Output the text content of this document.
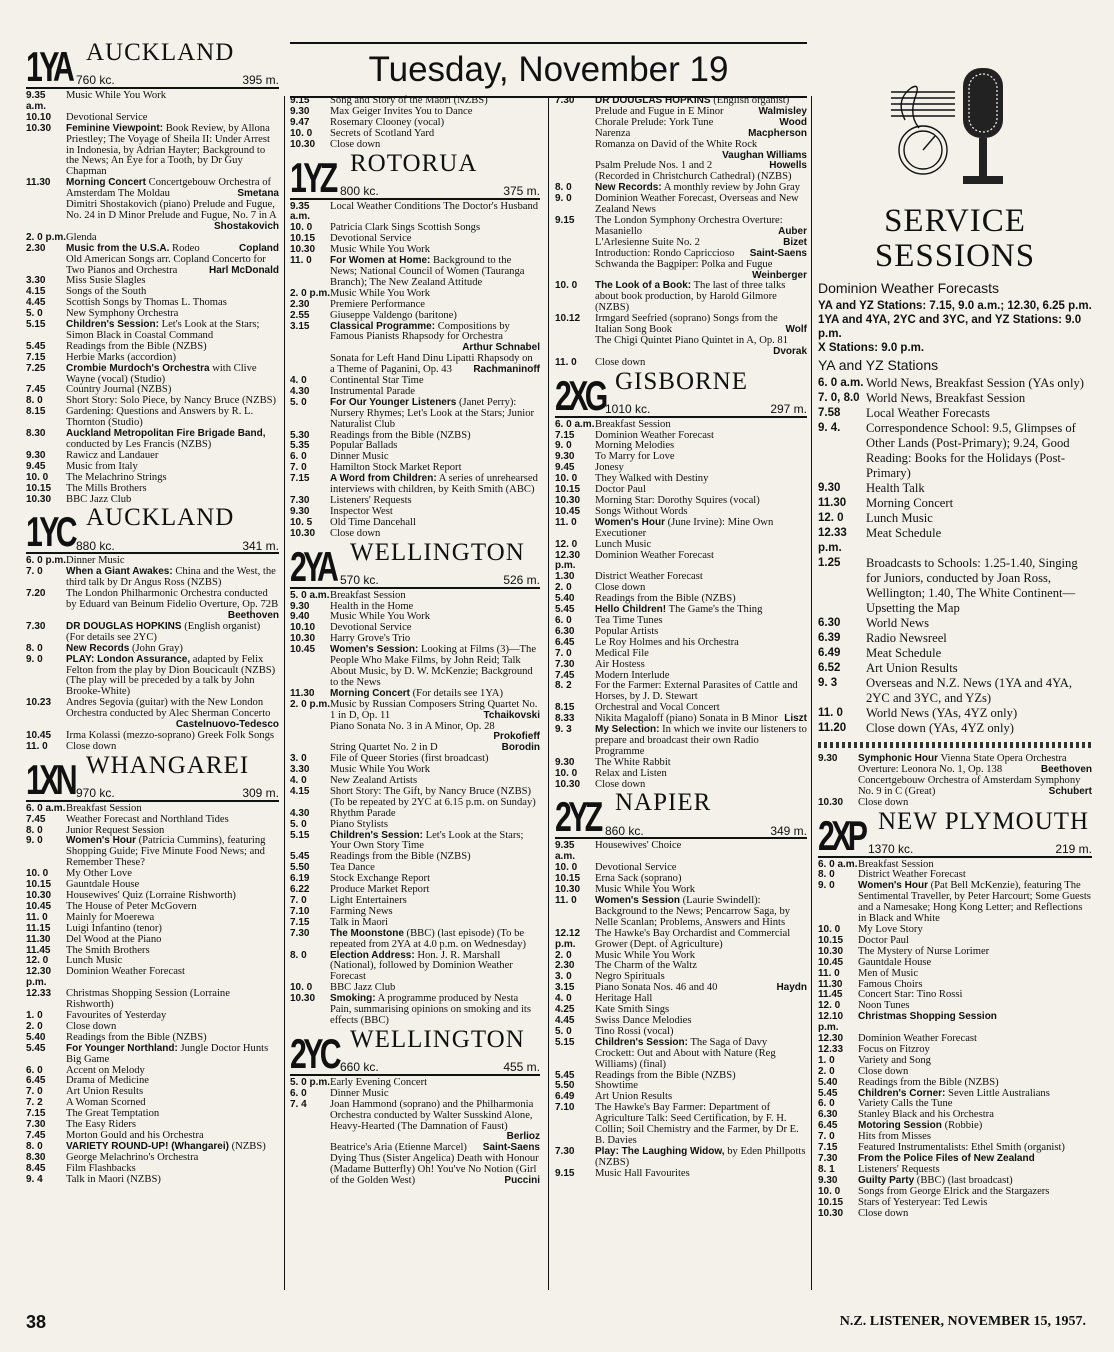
Tuesday, November 19
1YA AUCKLAND
760 kc.	395 m.
9.35 a.m.
Music While You Work
10.10	Devotional Service
10.30	Feminine Viewpoint: Book Review, by Allona Priestley; The Voyage of Sheila II: Under Arrest in Indonesia, by Adrian Hayter; Background to the News; An Eye for a Tooth, by Dr Guy Chapman
11.30	Morning Concert Concertgebouw Orchestra of Amsterdam The Moldau	Smetana
Dimitri Shostakovich (piano) Prelude and Fugue, No. 24 in D Minor Prelude and Fugue, No. 7 in A
Shostakovich
2. 0 p.m. Glenda
2.30	Music from the U.S.A. Rodeo	Copland
Old American Songs arr. Copland Concerto for Two Pianos and Orchestra	Harl McDonald
3.30	Miss Susie Slagles
4.15	Songs of the South
4.45	Scottish Songs by Thomas L. Thomas
5. 0	New Symphony Orchestra
5.15	Children's Session: Let's Look at the Stars; Simon Black in Coastal Command
5.45	Readings from the Bible (NZBS)
7.15	Herbie Marks (accordion)
7.25	Crombie Murdoch's Orchestra with Clive Wayne (vocal) (Studio)
7.45	Country Journal (NZBS)
8. 0	Short Story: Solo Piece, by Nancy Bruce (NZBS)
8.15	Gardening: Questions and Answers by R. L. Thornton (Studio)
8.30	Auckland Metropolitan Fire Brigade Band, conducted by Les Francis (NZBS)
9.30	Rawicz and Landauer
9.45	Music from Italy
10. 0	The Melachrino Strings
10.15	The Mills Brothers
10.30	BBC Jazz Club
1YC AUCKLAND
880 kc.	341 m.
6. 0 p.m. Dinner Music
7. 0	When a Giant Awakes: China and the West, the third talk by Dr Angus Ross (NZBS)
7.20	The London Philharmonic Orchestra conducted by Eduard van Beinum Fidelio Overture, Op. 72B
Beethoven
7.30	DR DOUGLAS HOPKINS (English organist) (For details see 2YC)
8. 0	New Records (John Gray)
9. 0	PLAY: London Assurance, adapted by Felix Felton from the play by Dion Boucicault (NZBS) (The play will be preceded by a talk by John Brooke-White)
10.23	Andres Segovia (guitar) with the New London Orchestra conducted by Alec Sherman Concerto
Castelnuovo-Tedesco
10.45	Irma Kolassi (mezzo-soprano) Greek Folk Songs
11. 0	Close down
1XN WHANGAREI
970 kc.	309 m.
6. 0 a.m. Breakfast Session
7.45	Weather Forecast and Northland Tides
8. 0	Junior Request Session
9. 0	Women's Hour (Patricia Cummins), featuring Shopping Guide; Five Minute Food News; and Remember These?
10. 0	My Other Love
10.15	Gauntdale House
10.30	Housewives' Quiz (Lorraine Rishworth)
10.45	The House of Peter McGovern
11. 0	Mainly for Moerewa
11.15	Luigi Infantino (tenor)
11.30	Del Wood at the Piano
11.45	The Smith Brothers
12. 0	Lunch Music
12.30 p.m.
Dominion Weather Forecast
12.33	Christmas Shopping Session (Lorraine Rishworth)
1. 0	Favourites of Yesterday
2. 0	Close down
5.40	Readings from the Bible (NZBS)
5.45	For Younger Northland: Jungle Doctor Hunts Big Game
6. 0	Accent on Melody
6.45	Drama of Medicine
7. 0	Art Union Results
7. 2	A Woman Scorned
7.15	The Great Temptation
7.30	The Easy Riders
7.45	Morton Gould and his Orchestra
8. 0	VARIETY ROUND-UP! (Whangarei) (NZBS)
8.30	George Melachrino's Orchestra
8.45	Film Flashbacks
9. 4	Talk in Maori (NZBS)
9.15	Song and Story of the Maori (NZBS)
9.30	Max Geiger Invites You to Dance
9.47	Rosemary Clooney (vocal)
10. 0	Secrets of Scotland Yard
10.30	Close down
1YZ ROTORUA
800 kc.	375 m.
9.35 a.m.
Local Weather Conditions The Doctor's Husband
10. 0	Patricia Clark Sings Scottish Songs
10.15	Devotional Service
10.30	Music While You Work
11. 0	For Women at Home: Background to the News; National Council of Women (Tauranga Branch); The New Zealand Attitude
2. 0 p.m. Music While You Work
2.30	Premiere Performance
2.55	Giuseppe Valdengo (baritone)
3.15	Classical Programme: Compositions by Famous Pianists Rhapsody for Orchestra
Arthur Schnabel
Sonata for Left Hand Dinu Lipatti Rhapsody on a Theme of Paganini, Op. 43 Rachmaninoff
4. 0	Continental Star Time
4.30	Instrumental Parade
5. 0	For Our Younger Listeners (Janet Perry): Nursery Rhymes; Let's Look at the Stars; Junior Naturalist Club
5.30	Readings from the Bible (NZBS)
5.35	Popular Ballads
6. 0	Dinner Music
7. 0	Hamilton Stock Market Report
7.15	A Word from Children: A series of unrehearsed interviews with children, by Keith Smith (ABC)
7.30	Listeners' Requests
9.30	Inspector West
10. 5	Old Time Dancehall
10.30	Close down
2YA WELLINGTON
570 kc.	526 m.
5. 0 a.m. Breakfast Session
9.30	Health in the Home
9.40	Music While You Work
10.10	Devotional Service
10.30	Harry Grove's Trio
10.45	Women's Session: Looking at Films (3)—The People Who Make Films, by John Reid; Talk About Music, by D. W. McKenzie; Background to the News
11.30	Morning Concert (For details see 1YA)
2. 0 p.m. Music by Russian Composers String Quartet No. 1 in D, Op. 11	Tchaikovski
Piano Sonata No. 3 in A Minor, Op. 28
Prokofieff
String Quartet No. 2 in D	Borodin
3. 0	File of Queer Stories (first broadcast)
3.30	Music While You Work
4. 0	New Zealand Artists
4.15	Short Story: The Gift, by Nancy Bruce (NZBS) (To be repeated by 2YC at 6.15 p.m. on Sunday)
4.30	Rhythm Parade
5. 0	Piano Stylists
5.15	Children's Session: Let's Look at the Stars; Your Own Story Time
5.45	Readings from the Bible (NZBS)
5.50	Tea Dance
6.19	Stock Exchange Report
6.22	Produce Market Report
7. 0	Light Entertainers
7.10	Farming News
7.15	Talk in Maori
7.30	The Moonstone (BBC) (last episode) (To be repeated from 2YA at 4.0 p.m. on Wednesday)
8. 0	Election Address: Hon. J. R. Marshall (National), followed by Dominion Weather Forecast
10. 0	BBC Jazz Club
10.30	Smoking: A programme produced by Nesta Pain, summarising opinions on smoking and its effects (BBC)
2YC WELLINGTON
660 kc.	455 m.
5. 0 p.m. Early Evening Concert
6. 0	Dinner Music
7. 4	Joan Hammond (soprano) and the Philharmonia Orchestra conducted by Walter Susskind Alone, Heavy-Hearted (The Damnation of Faust)
Berlioz
Beatrice's Aria (Etienne Marcel) Saint-Saens
Dying Thus (Sister Angelica) Death with Honour (Madame Butterfly) Oh! You've No Notion (Girl of the Golden West)	Puccini
7.30	DR DOUGLAS HOPKINS (English organist) Prelude and Fugue in E Minor	Walmisley
Chorale Prelude: York Tune	Wood
Narenza	Macpherson
Romanza on David of the White Rock
Vaughan Williams
Psalm Prelude Nos. 1 and 2	Howells
(Recorded in Christchurch Cathedral) (NZBS)
8. 0	New Records: A monthly review by John Gray
9. 0	Dominion Weather Forecast, Overseas and New Zealand News
9.15	The London Symphony Orchestra Overture: Masaniello	Auber
L'Arlesienne Suite No. 2	Bizet
Introduction: Rondo Capriccioso Saint-Saens
Schwanda the Bagpiper: Polka and Fugue
Weinberger
10. 0	The Look of a Book: The last of three talks about book production, by Harold Gilmore (NZBS)
10.12	Irmgard Seefried (soprano) Songs from the Italian Song Book	Wolf
The Chigi Quintet Piano Quintet in A, Op. 81
Dvorak
11. 0	Close down
2XG GISBORNE
1010 kc.	297 m.
6. 0 a.m. Breakfast Session
7.15	Dominion Weather Forecast
9. 0	Morning Melodies
9.30	To Marry for Love
9.45	Jonesy
10. 0	They Walked with Destiny
10.15	Doctor Paul
10.30	Morning Star: Dorothy Squires (vocal)
10.45	Songs Without Words
11. 0	Women's Hour (June Irvine): Mine Own Executioner
12. 0	Lunch Music
12.30 p.m.
Dominion Weather Forecast
1.30	District Weather Forecast
2. 0	Close down
5.40	Readings from the Bible (NZBS)
5.45	Hello Children! The Game's the Thing
6. 0	Tea Time Tunes
6.30	Popular Artists
6.45	Le Roy Holmes and his Orchestra
7. 0	Medical File
7.30	Air Hostess
7.45	Modern Interlude
8. 2	For the Farmer: External Parasites of Cattle and Horses, by J. D. Stewart
8.15	Orchestral and Vocal Concert
8.33	Nikita Magaloff (piano) Sonata in B Minor Liszt
9. 3	My Selection: In which we invite our listeners to prepare and broadcast their own Radio Programme
9.30	The White Rabbit
10. 0	Relax and Listen
10.30	Close down
2YZ NAPIER
860 kc.	349 m.
9.35 a.m.
Housewives' Choice
10. 0	Devotional Service
10.15	Erna Sack (soprano)
10.30	Music While You Work
11. 0	Women's Session (Laurie Swindell): Background to the News; Pencarrow Saga, by Nelle Scanlan; Problems, Answers and Hints
12.12 p.m.
The Hawke's Bay Orchardist and Commercial Grower (Dept. of Agriculture)
2. 0	Music While You Work
2.30	The Charm of the Waltz
3. 0	Negro Spirituals
3.15	Piano Sonata Nos. 46 and 40	Haydn
4. 0	Heritage Hall
4.25	Kate Smith Sings
4.45	Swiss Dance Melodies
5. 0	Tino Rossi (vocal)
5.15	Children's Session: The Saga of Davy Crockett: Out and About with Nature (Reg Williams) (final)
5.45	Readings from the Bible (NZBS)
5.50	Showtime
6.49	Art Union Results
7.10	The Hawke's Bay Farmer: Department of Agriculture Talk: Seed Certification, by F. H. Collin; Soil Chemistry and the Farmer, by Dr E. B. Davies
7.30	Play: The Laughing Widow, by Eden Phillpotts (NZBS)
9.15	Music Hall Favourites
SERVICE
SESSIONS
Dominion Weather Forecasts
YA and YZ Stations: 7.15, 9.0 a.m.; 12.30, 6.25 p.m.
1YA and 4YA, 2YC and 3YC, and YZ Stations: 9.0 p.m.
X Stations: 9.0 p.m.
YA and YZ Stations
6. 0 a.m. World News, Breakfast Session (YAs only)
7. 0, 8.0 World News, Breakfast Session
7.58	Local Weather Forecasts
9. 4.	Correspondence School: 9.5, Glimpses of Other Lands (Post-Primary); 9.24, Good Reading: Books for the Holidays (Post-Primary)
9.30	Health Talk
11.30	Morning Concert
12. 0	Lunch Music
12.33 p.m.
Meat Schedule
1.25	Broadcasts to Schools: 1.25-1.40, Singing for Juniors, conducted by Joan Ross, Wellington; 1.40, The White Continent—Upsetting the Map
6.30	World News
6.39	Radio Newsreel
6.49	Meat Schedule
6.52	Art Union Results
9. 3	Overseas and N.Z. News (1YA and 4YA, 2YC and 3YC, and YZs)
11. 0	World News (YAs, 4YZ only)
11.20	Close down (YAs, 4YZ only)
9.30	Symphonic Hour Vienna State Opera Orchestra Overture: Leonora No. 1, Op. 138	Beethoven
Concertgebouw Orchestra of Amsterdam Symphony No. 9 in C (Great)	Schubert
10.30	Close down
2XP NEW PLYMOUTH
1370 kc.	219 m.
6. 0 a.m. Breakfast Session
8. 0	District Weather Forecast
9. 0	Women's Hour (Pat Bell McKenzie), featuring The Sentimental Traveller, by Peter Harcourt; Some Guests and a Namesake; Hong Kong Letter; and Reflections in Black and White
10. 0	My Love Story
10.15	Doctor Paul
10.30	The Mystery of Nurse Lorimer
10.45	Gauntdale House
11. 0	Men of Music
11.30	Famous Choirs
11.45	Concert Star: Tino Rossi
12. 0	Noon Tunes
12.10 p.m.
Christmas Shopping Session
12.30	Dominion Weather Forecast
12.33	Focus on Fitzroy
1. 0	Variety and Song
2. 0	Close down
5.40	Readings from the Bible (NZBS)
5.45	Children's Corner: Seven Little Australians
6. 0	Variety Calls the Tune
6.30	Stanley Black and his Orchestra
6.45	Motoring Session (Robbie)
7. 0	Hits from Misses
7.15	Featured Instrumentalists: Ethel Smith (organist)
7.30	From the Police Files of New Zealand
8. 1	Listeners' Requests
9.30	Guilty Party (BBC) (last broadcast)
10. 0	Songs from George Elrick and the Stargazers
10.15	Stars of Yesteryear: Ted Lewis
10.30	Close down
38	N.Z. LISTENER, NOVEMBER 15, 1957.
